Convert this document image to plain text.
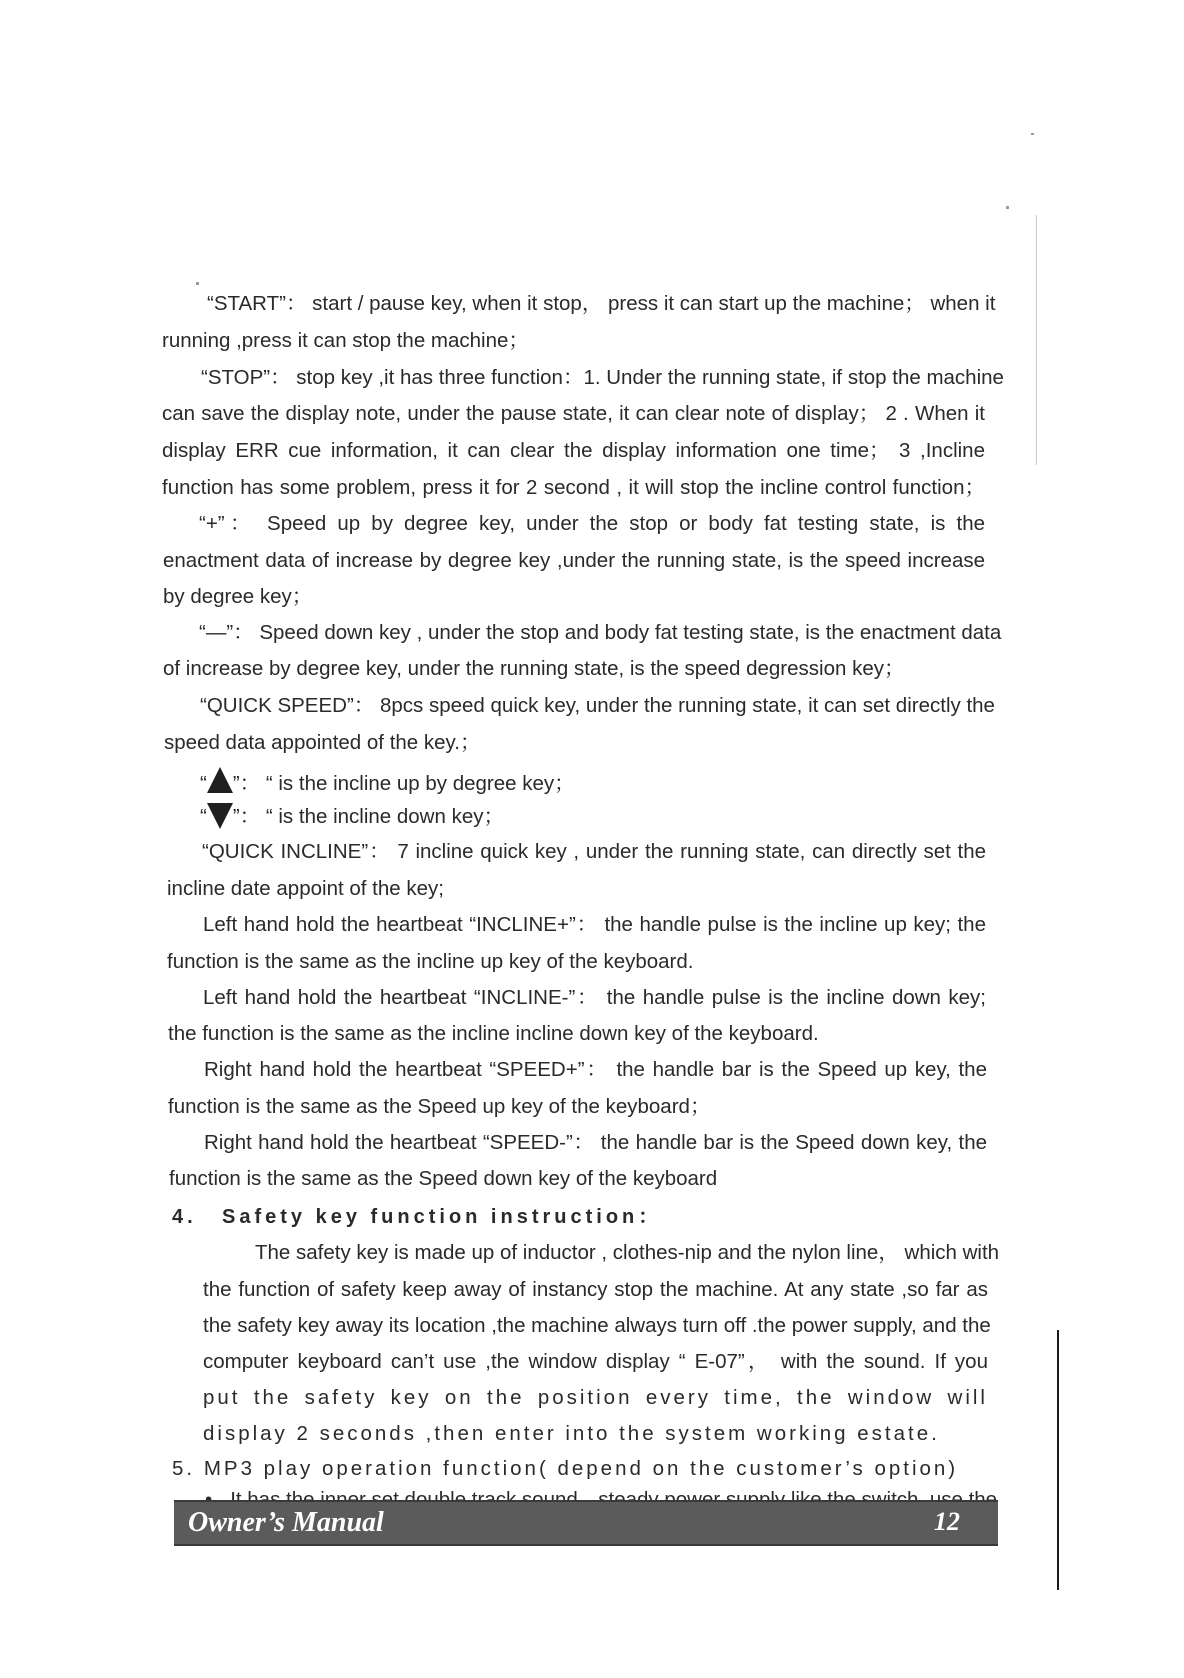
“START”： start / pause key, when it stop， press it can start up the machine； when it
running ,press it can stop the machine；
“STOP”： stop key ,it has three function：1. Under the running state, if stop the machine
can save the display note, under the pause state, it can clear note of display； 2 . When it
display ERR cue information, it can clear the display information one time； 3 ,Incline
function has some problem, press it for 2 second , it will stop the incline control function；
“+”： Speed up by degree key, under the stop or body fat testing state, is the
enactment data of increase by degree key ,under the running state, is the speed increase
by degree key；
“—”： Speed down key , under the stop and body fat testing state, is the enactment data
of increase by degree key, under the running state, is the speed degression key；
“QUICK SPEED”： 8pcs speed quick key, under the running state, it can set directly the
speed data appointed of the key.；
“ ”： “ is the incline up by degree key；
“ ”： “ is the incline down key；
“QUICK INCLINE”： 7 incline quick key , under the running state, can directly set the
incline date appoint of the key;
Left hand hold the heartbeat “INCLINE+”： the handle pulse is the incline up key; the
function is the same as the incline up key of the keyboard.
Left hand hold the heartbeat “INCLINE-”： the handle pulse is the incline down key;
the function is the same as the incline incline down key of the keyboard.
Right hand hold the heartbeat “SPEED+”： the handle bar is the Speed up key, the
function is the same as the Speed up key of the keyboard；
Right hand hold the heartbeat “SPEED-”： the handle bar is the Speed down key, the
function is the same as the Speed down key of the keyboard
4. Safety key function instruction：
The safety key is made up of inductor , clothes-nip and the nylon line， which with
the function of safety keep away of instancy stop the machine. At any state ,so far as
the safety key away its location ,the machine always turn off .the power supply, and the
computer keyboard can’t use ,the window display “ E-07”， with the sound. If you
put the safety key on the position every time, the window will
display 2 seconds ,then enter into the system working estate.
5. MP3 play operation function( depend on the customer’s option)
Owner’s Manual	12
